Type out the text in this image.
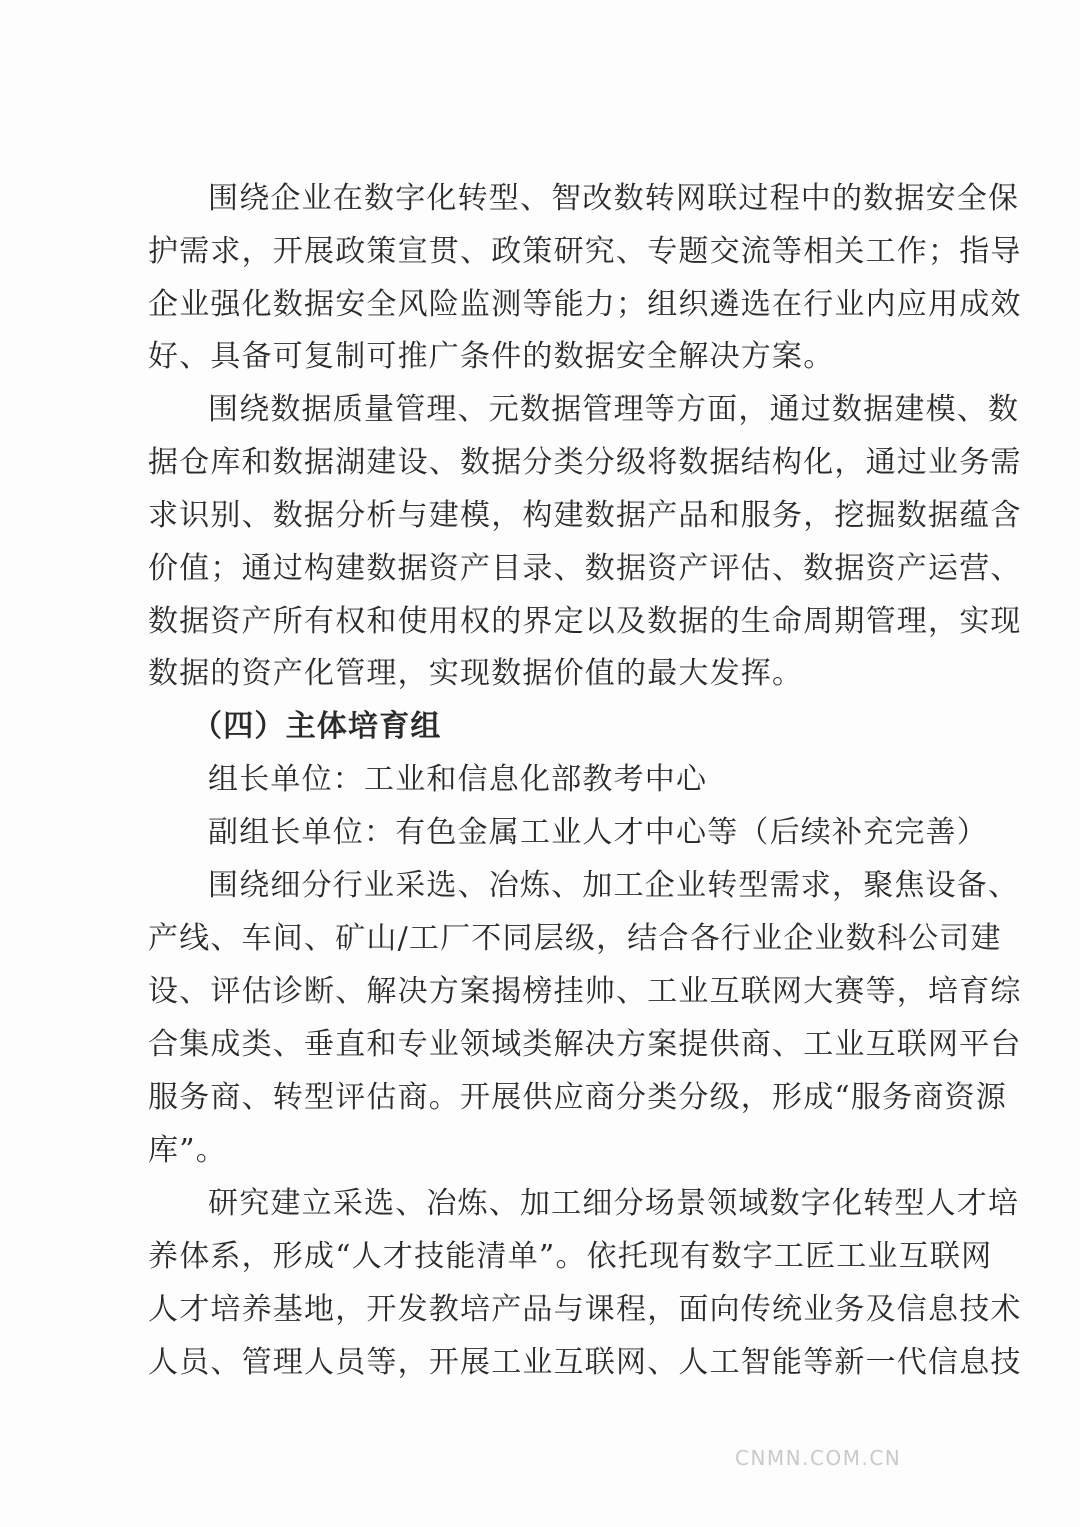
围绕企业在数字化转型、智改数转网联过程中的数据安全保
护需求，开展政策宣贯、政策研究、专题交流等相关工作；指导
企业强化数据安全风险监测等能力；组织遴选在行业内应用成效
好、具备可复制可推广条件的数据安全解决方案。
围绕数据质量管理、元数据管理等方面，通过数据建模、数
据仓库和数据湖建设、数据分类分级将数据结构化，通过业务需
求识别、数据分析与建模，构建数据产品和服务，挖掘数据蕴含
价值；通过构建数据资产目录、数据资产评估、数据资产运营、
数据资产所有权和使用权的界定以及数据的生命周期管理，实现
数据的资产化管理，实现数据价值的最大发挥。
（四）主体培育组
组长单位：工业和信息化部教考中心
副组长单位：有色金属工业人才中心等（后续补充完善）
围绕细分行业采选、冶炼、加工企业转型需求，聚焦设备、
产线、车间、矿山/工厂不同层级，结合各行业企业数科公司建
设、评估诊断、解决方案揭榜挂帅、工业互联网大赛等，培育综
合集成类、垂直和专业领域类解决方案提供商、工业互联网平台
服务商、转型评估商。开展供应商分类分级，形成“服务商资源
库”。
研究建立采选、冶炼、加工细分场景领域数字化转型人才培
养体系，形成“人才技能清单”。依托现有数字工匠工业互联网
人才培养基地，开发教培产品与课程，面向传统业务及信息技术
人员、管理人员等，开展工业互联网、人工智能等新一代信息技
CNMN.COM.CN
